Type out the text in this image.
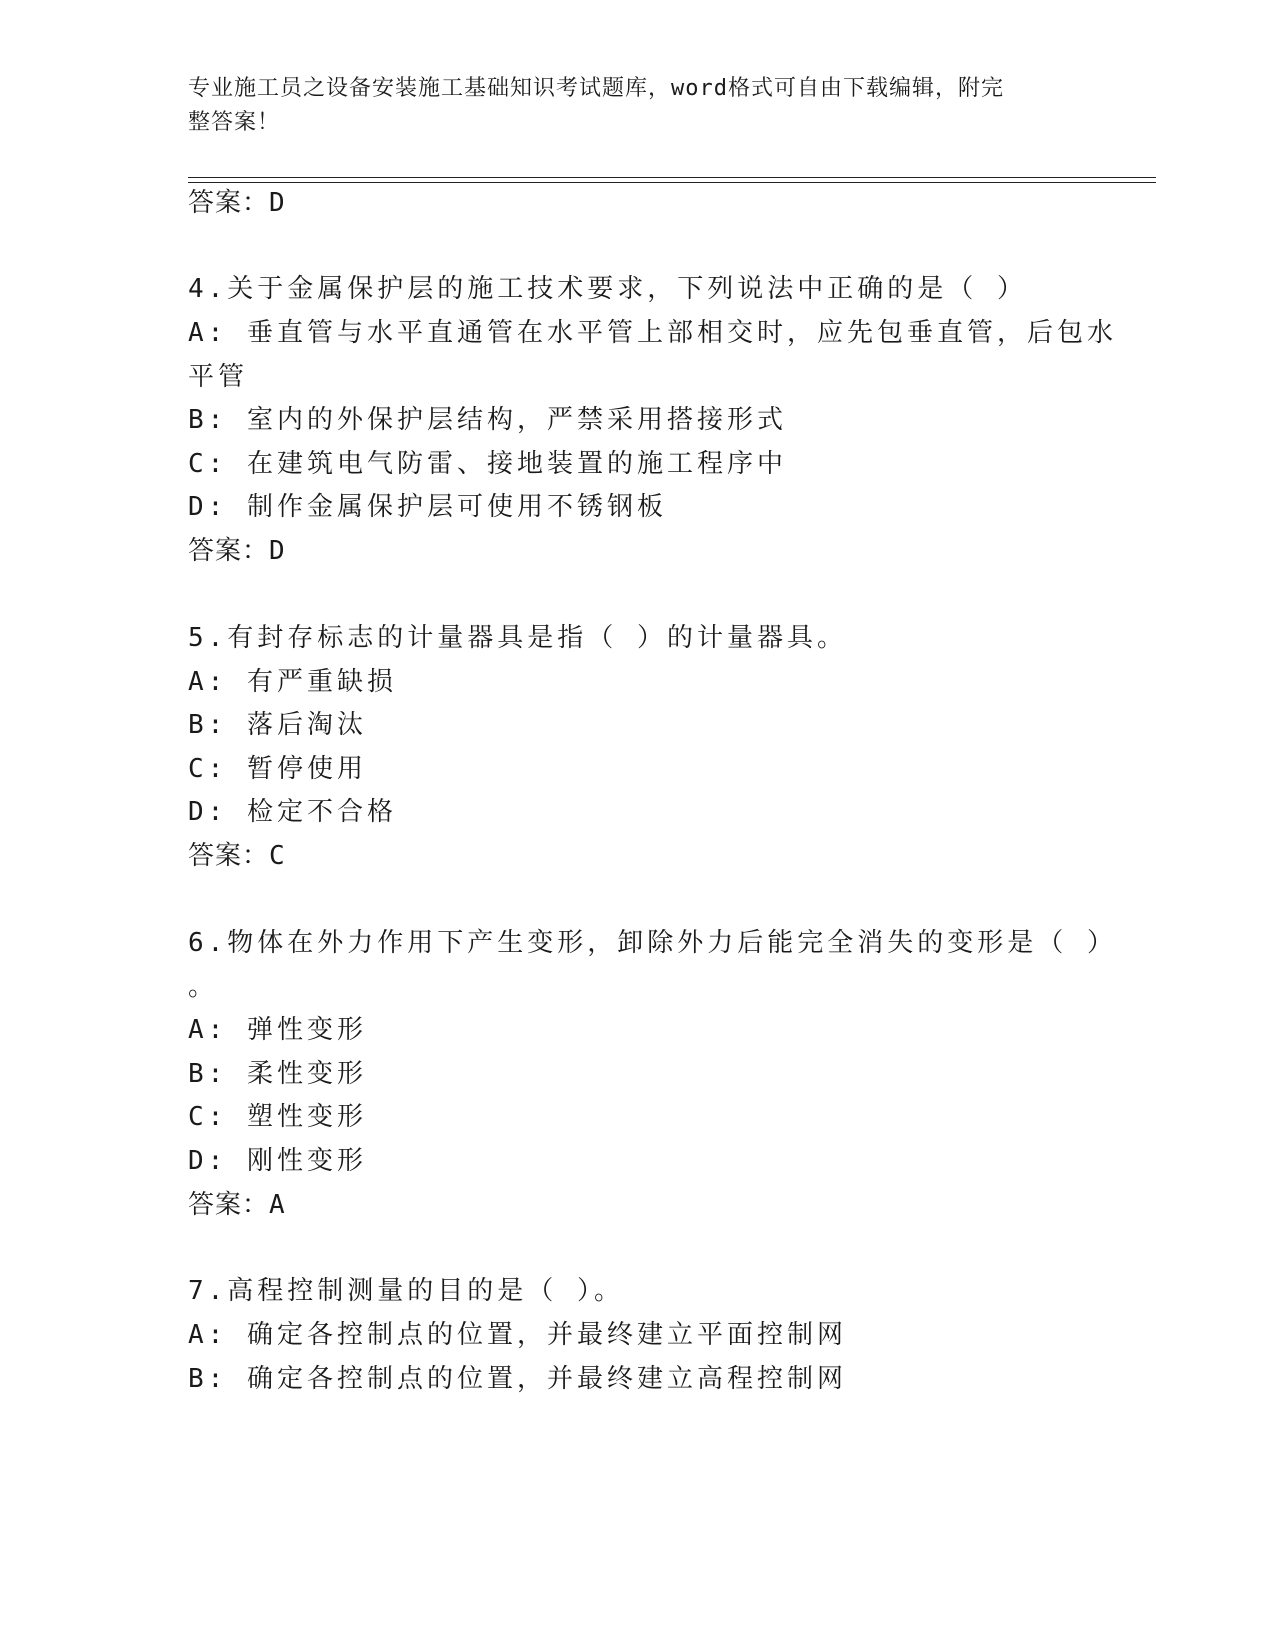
专业施工员之设备安装施工基础知识考试题库，word格式可自由下载编辑，附完
整答案！
答案：D
4.关于金属保护层的施工技术要求，下列说法中正确的是（ ）
A: 垂直管与水平直通管在水平管上部相交时，应先包垂直管，后包水
平管
B: 室内的外保护层结构，严禁采用搭接形式
C: 在建筑电气防雷、接地装置的施工程序中
D: 制作金属保护层可使用不锈钢板
答案：D
5.有封存标志的计量器具是指（ ）的计量器具。
A: 有严重缺损
B: 落后淘汰
C: 暂停使用
D: 检定不合格
答案：C
6.物体在外力作用下产生变形，卸除外力后能完全消失的变形是（ ）
。
A: 弹性变形
B: 柔性变形
C: 塑性变形
D: 刚性变形
答案：A
7.高程控制测量的目的是（ ）。
A: 确定各控制点的位置，并最终建立平面控制网
B: 确定各控制点的位置，并最终建立高程控制网
